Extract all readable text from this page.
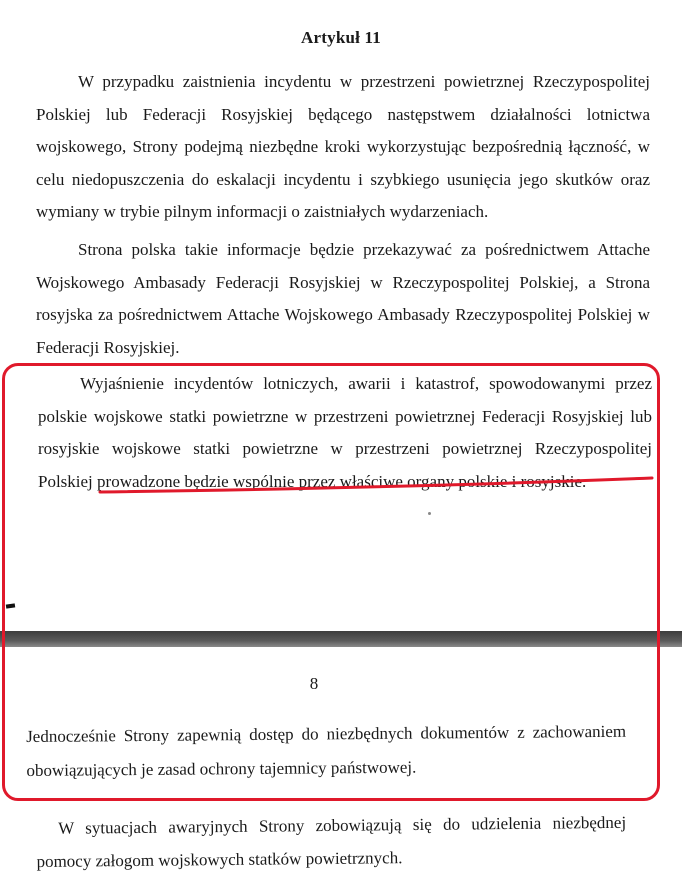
Artykuł 11
W przypadku zaistnienia incydentu w przestrzeni powietrznej Rzeczypospolitej Polskiej lub Federacji Rosyjskiej będącego następstwem działalności lotnictwa wojskowego, Strony podejmą niezbędne kroki wykorzystując bezpośrednią łączność, w celu niedopuszczenia do eskalacji incydentu i szybkiego usunięcia jego skutków oraz wymiany w trybie pilnym informacji o zaistniałych wydarzeniach.
Strona polska takie informacje będzie przekazywać za pośrednictwem Attache Wojskowego Ambasady Federacji Rosyjskiej w Rzeczypospolitej Polskiej, a Strona rosyjska za pośrednictwem Attache Wojskowego Ambasady Rzeczypospolitej Polskiej w Federacji Rosyjskiej.
Wyjaśnienie incydentów lotniczych, awarii i katastrof, spowodowanymi przez polskie wojskowe statki powietrzne w przestrzeni powietrznej Federacji Rosyjskiej lub rosyjskie wojskowe statki powietrzne w przestrzeni powietrznej Rzeczypospolitej Polskiej prowadzone będzie wspólnie przez właściwe organy polskie i rosyjskie.
8
Jednocześnie Strony zapewnią dostęp do niezbędnych dokumentów z zachowaniem obowiązujących je zasad ochrony tajemnicy państwowej.
W sytuacjach awaryjnych Strony zobowiązują się do udzielenia niezbędnej pomocy załogom wojskowych statków powietrznych.
